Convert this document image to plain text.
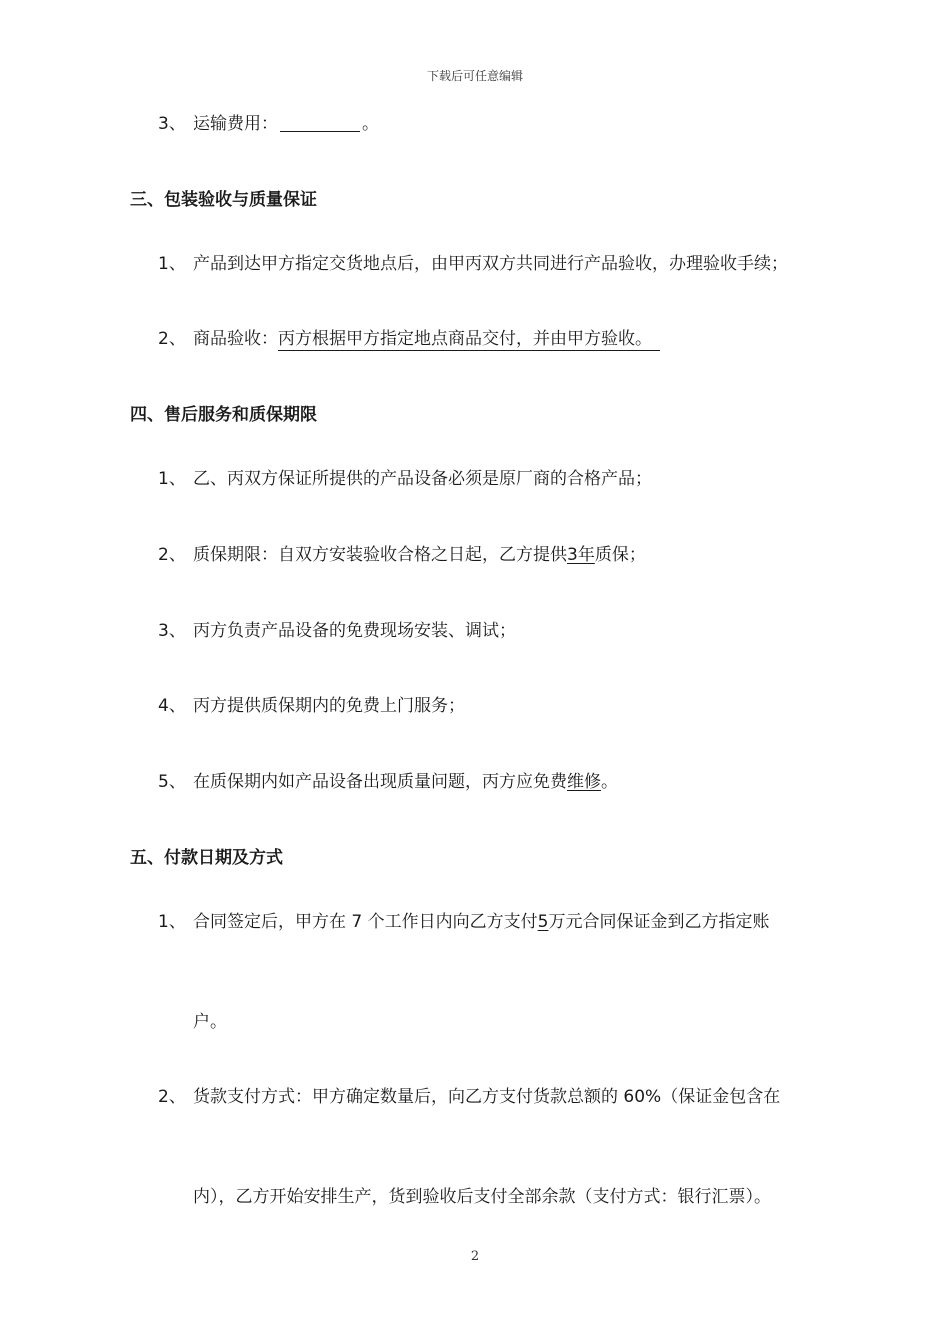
下载后可任意编辑
3、 运输费用：	。
三、包装验收与质量保证
1、 产品到达甲方指定交货地点后，由甲丙双方共同进行产品验收，办理验收手续；
2、 商品验收：丙方根据甲方指定地点商品交付，并由甲方验收。
四、售后服务和质保期限
1、 乙、丙双方保证所提供的产品设备必须是原厂商的合格产品；
2、 质保期限：自双方安装验收合格之日起，乙方提供3年质保；
3、 丙方负责产品设备的免费现场安装、调试；
4、 丙方提供质保期内的免费上门服务；
5、 在质保期内如产品设备出现质量问题，丙方应免费维修。
五、付款日期及方式
1、 合同签定后，甲方在 7 个工作日内向乙方支付5万元合同保证金到乙方指定账
户。
2、 货款支付方式：甲方确定数量后，向乙方支付货款总额的 60%（保证金包含在
内），乙方开始安排生产，货到验收后支付全部余款（支付方式：银行汇票）。
2
